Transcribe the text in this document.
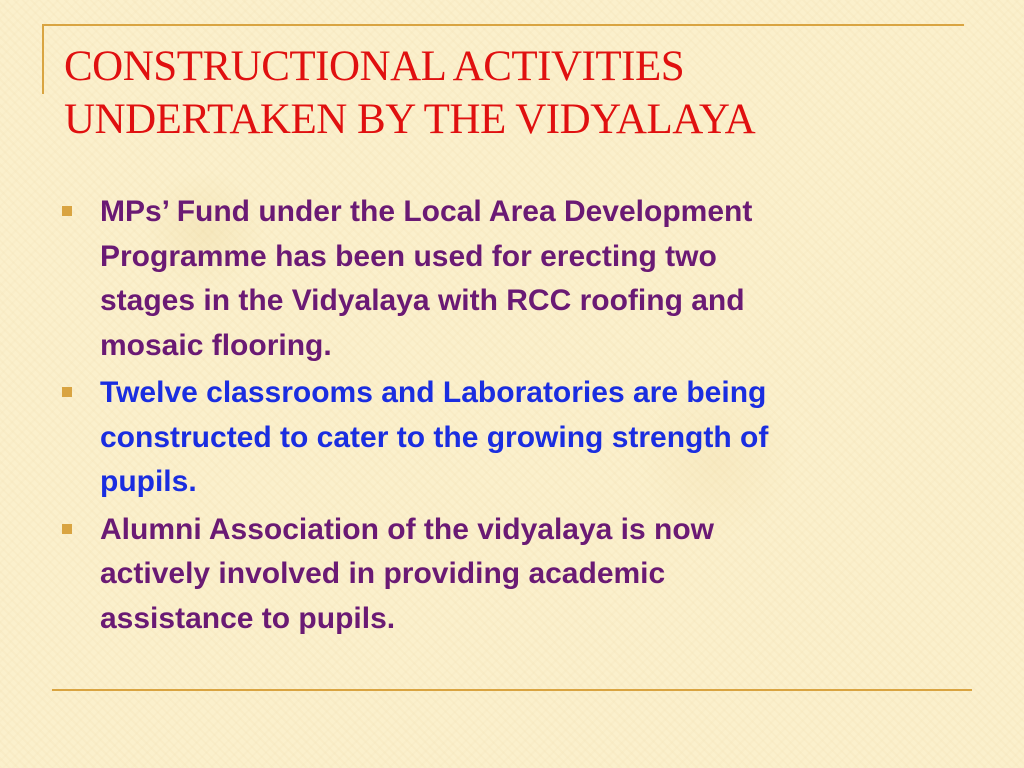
CONSTRUCTIONAL ACTIVITIES
UNDERTAKEN BY THE VIDYALAYA
MPs’ Fund under the Local Area Development
Programme has been used for erecting two
stages in the Vidyalaya with RCC roofing and
mosaic flooring.
Twelve classrooms and Laboratories are being
constructed to cater to the growing strength of
pupils.
Alumni Association of the vidyalaya is now
actively involved in providing academic
assistance to pupils.
